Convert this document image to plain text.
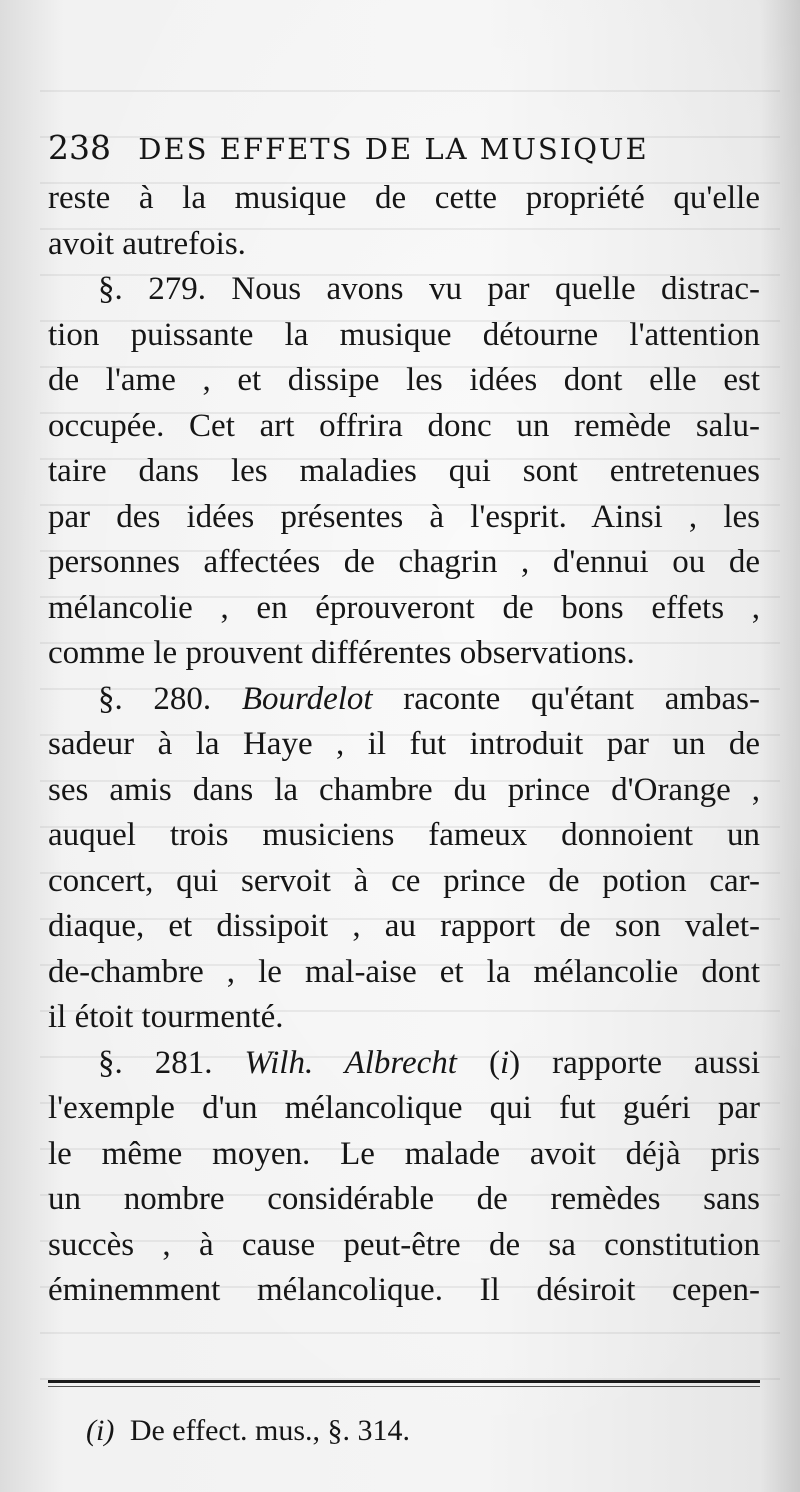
238 DES EFFETS DE LA MUSIQUE
reste à la musique de cette propriété qu'elle
avoit autrefois.
§. 279. Nous avons vu par quelle distrac-
tion puissante la musique détourne l'attention
de l'ame , et dissipe les idées dont elle est
occupée. Cet art offrira donc un remède salu-
taire dans les maladies qui sont entretenues
par des idées présentes à l'esprit. Ainsi , les
personnes affectées de chagrin , d'ennui ou de
mélancolie , en éprouveront de bons effets ,
comme le prouvent différentes observations.
§. 280. Bourdelot raconte qu'étant ambas-
sadeur à la Haye , il fut introduit par un de
ses amis dans la chambre du prince d'Orange ,
auquel trois musiciens fameux donnoient un
concert, qui servoit à ce prince de potion car-
diaque, et dissipoit , au rapport de son valet-
de-chambre , le mal-aise et la mélancolie dont
il étoit tourmenté.
§. 281. Wilh. Albrecht (i) rapporte aussi
l'exemple d'un mélancolique qui fut guéri par
le même moyen. Le malade avoit déjà pris
un nombre considérable de remèdes sans
succès , à cause peut-être de sa constitution
éminemment mélancolique. Il désiroit cepen-
(i) De effect. mus., §. 314.
